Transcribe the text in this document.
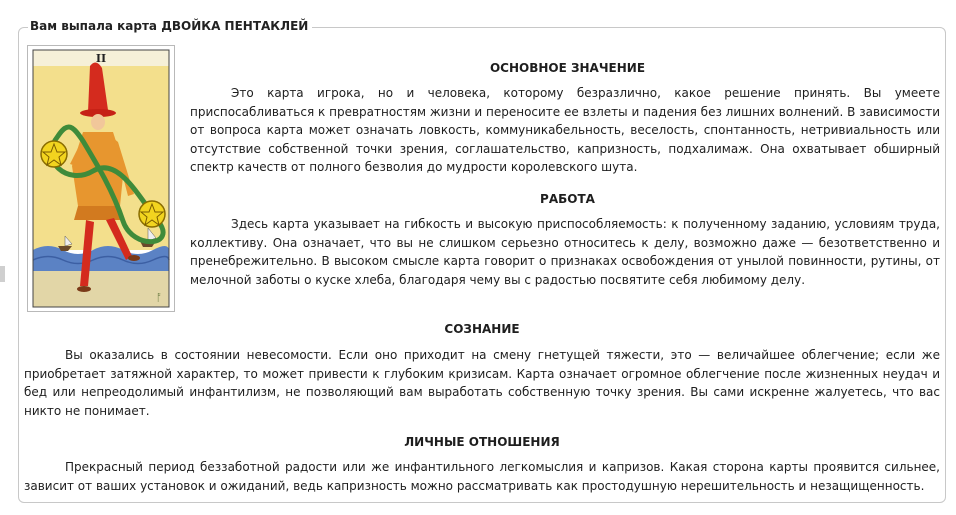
Вам выпала карта ДВОЙКА ПЕНТАКЛЕЙ
II
ᚩ
ОСНОВНОЕ ЗНАЧЕНИЕ

Это карта игрока, но и человека, которому безразлично, какое решение принять. Вы умеете приспосабливаться к превратностям жизни и переносите ее взлеты и падения без лишних волнений. В зависимости от вопроса карта может означать ловкость, коммуникабельность, веселость, спонтанность, нетривиальность или отсутствие собственной точки зрения, соглашательство, капризность, подхалимаж. Она охватывает обширный спектр качеств от полного безволия до мудрости королевского шута.

РАБОТА

Здесь карта указывает на гибкость и высокую приспособляемость: к полученному заданию, условиям труда, коллективу. Она означает, что вы не слишком серьезно относитесь к делу, возможно даже — безответственно и пренебрежительно. В высоком смысле карта говорит о признаках освобождения от унылой повинности, рутины, от мелочной заботы о куске хлеба, благодаря чему вы с радостью посвятите себя любимому делу.

СОЗНАНИЕ

Вы оказались в состоянии невесомости. Если оно приходит на смену гнетущей тяжести, это — величайшее облегчение; если же приобретает затяжной характер, то может привести к глубоким кризисам. Карта означает огромное облегчение после жизненных неудач и бед или непреодолимый инфантилизм, не позволяющий вам выработать собственную точку зрения. Вы сами искренне жалуетесь, что вас никто не понимает.

ЛИЧНЫЕ ОТНОШЕНИЯ

Прекрасный период беззаботной радости или же инфантильного легкомыслия и капризов. Какая сторона карты проявится сильнее, зависит от ваших установок и ожиданий, ведь капризность можно рассматривать как простодушную нерешительность и незащищенность.
